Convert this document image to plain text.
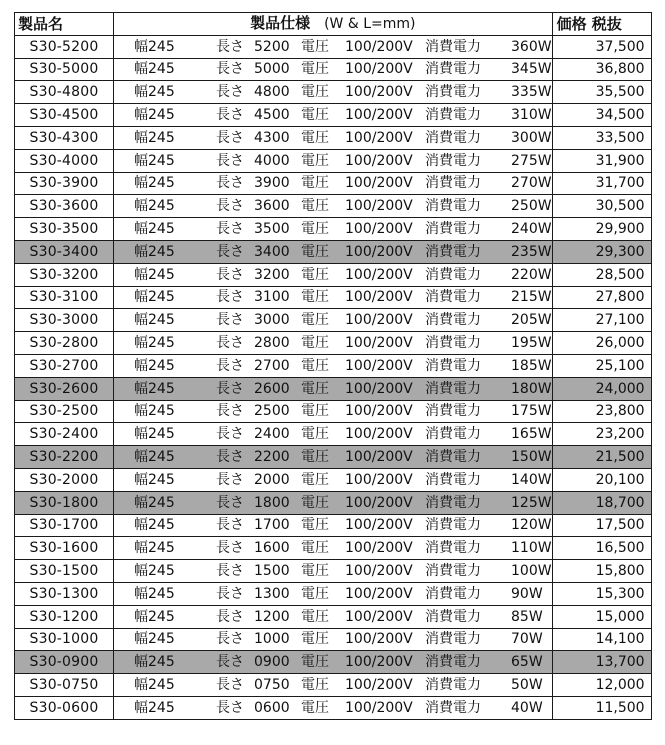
製品名	製品仕様 (W & L=mm)	価格 税抜
S30-5200	幅245 長さ 5200 電圧 100/200V 消費電力 360W	37,500
S30-5000	幅245 長さ 5000 電圧 100/200V 消費電力 345W	36,800
S30-4800	幅245 長さ 4800 電圧 100/200V 消費電力 335W	35,500
S30-4500	幅245 長さ 4500 電圧 100/200V 消費電力 310W	34,500
S30-4300	幅245 長さ 4300 電圧 100/200V 消費電力 300W	33,500
S30-4000	幅245 長さ 4000 電圧 100/200V 消費電力 275W	31,900
S30-3900	幅245 長さ 3900 電圧 100/200V 消費電力 270W	31,700
S30-3600	幅245 長さ 3600 電圧 100/200V 消費電力 250W	30,500
S30-3500	幅245 長さ 3500 電圧 100/200V 消費電力 240W	29,900
S30-3400	幅245 長さ 3400 電圧 100/200V 消費電力 235W	29,300
S30-3200	幅245 長さ 3200 電圧 100/200V 消費電力 220W	28,500
S30-3100	幅245 長さ 3100 電圧 100/200V 消費電力 215W	27,800
S30-3000	幅245 長さ 3000 電圧 100/200V 消費電力 205W	27,100
S30-2800	幅245 長さ 2800 電圧 100/200V 消費電力 195W	26,000
S30-2700	幅245 長さ 2700 電圧 100/200V 消費電力 185W	25,100
S30-2600	幅245 長さ 2600 電圧 100/200V 消費電力 180W	24,000
S30-2500	幅245 長さ 2500 電圧 100/200V 消費電力 175W	23,800
S30-2400	幅245 長さ 2400 電圧 100/200V 消費電力 165W	23,200
S30-2200	幅245 長さ 2200 電圧 100/200V 消費電力 150W	21,500
S30-2000	幅245 長さ 2000 電圧 100/200V 消費電力 140W	20,100
S30-1800	幅245 長さ 1800 電圧 100/200V 消費電力 125W	18,700
S30-1700	幅245 長さ 1700 電圧 100/200V 消費電力 120W	17,500
S30-1600	幅245 長さ 1600 電圧 100/200V 消費電力 110W	16,500
S30-1500	幅245 長さ 1500 電圧 100/200V 消費電力 100W	15,800
S30-1300	幅245 長さ 1300 電圧 100/200V 消費電力 90W	15,300
S30-1200	幅245 長さ 1200 電圧 100/200V 消費電力 85W	15,000
S30-1000	幅245 長さ 1000 電圧 100/200V 消費電力 70W	14,100
S30-0900	幅245 長さ 0900 電圧 100/200V 消費電力 65W	13,700
S30-0750	幅245 長さ 0750 電圧 100/200V 消費電力 50W	12,000
S30-0600	幅245 長さ 0600 電圧 100/200V 消費電力 40W	11,500
